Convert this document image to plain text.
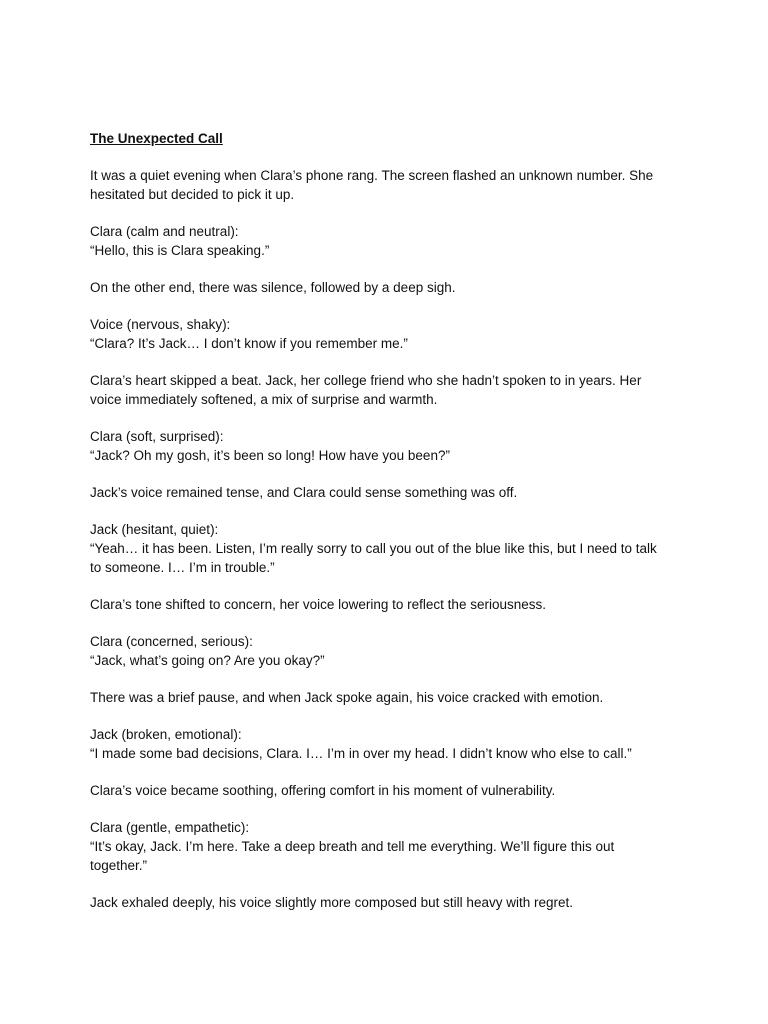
The Unexpected Call

It was a quiet evening when Clara’s phone rang. The screen flashed an unknown number. She
hesitated but decided to pick it up.

Clara (calm and neutral):
“Hello, this is Clara speaking.”

On the other end, there was silence, followed by a deep sigh.

Voice (nervous, shaky):
“Clara? It’s Jack… I don’t know if you remember me.”

Clara’s heart skipped a beat. Jack, her college friend who she hadn’t spoken to in years. Her
voice immediately softened, a mix of surprise and warmth.

Clara (soft, surprised):
“Jack? Oh my gosh, it’s been so long! How have you been?”

Jack’s voice remained tense, and Clara could sense something was off.

Jack (hesitant, quiet):
“Yeah… it has been. Listen, I’m really sorry to call you out of the blue like this, but I need to talk
to someone. I… I’m in trouble.”

Clara’s tone shifted to concern, her voice lowering to reflect the seriousness.

Clara (concerned, serious):
“Jack, what’s going on? Are you okay?”

There was a brief pause, and when Jack spoke again, his voice cracked with emotion.

Jack (broken, emotional):
“I made some bad decisions, Clara. I… I’m in over my head. I didn’t know who else to call.”

Clara’s voice became soothing, offering comfort in his moment of vulnerability.

Clara (gentle, empathetic):
“It’s okay, Jack. I’m here. Take a deep breath and tell me everything. We’ll figure this out
together.”

Jack exhaled deeply, his voice slightly more composed but still heavy with regret.
